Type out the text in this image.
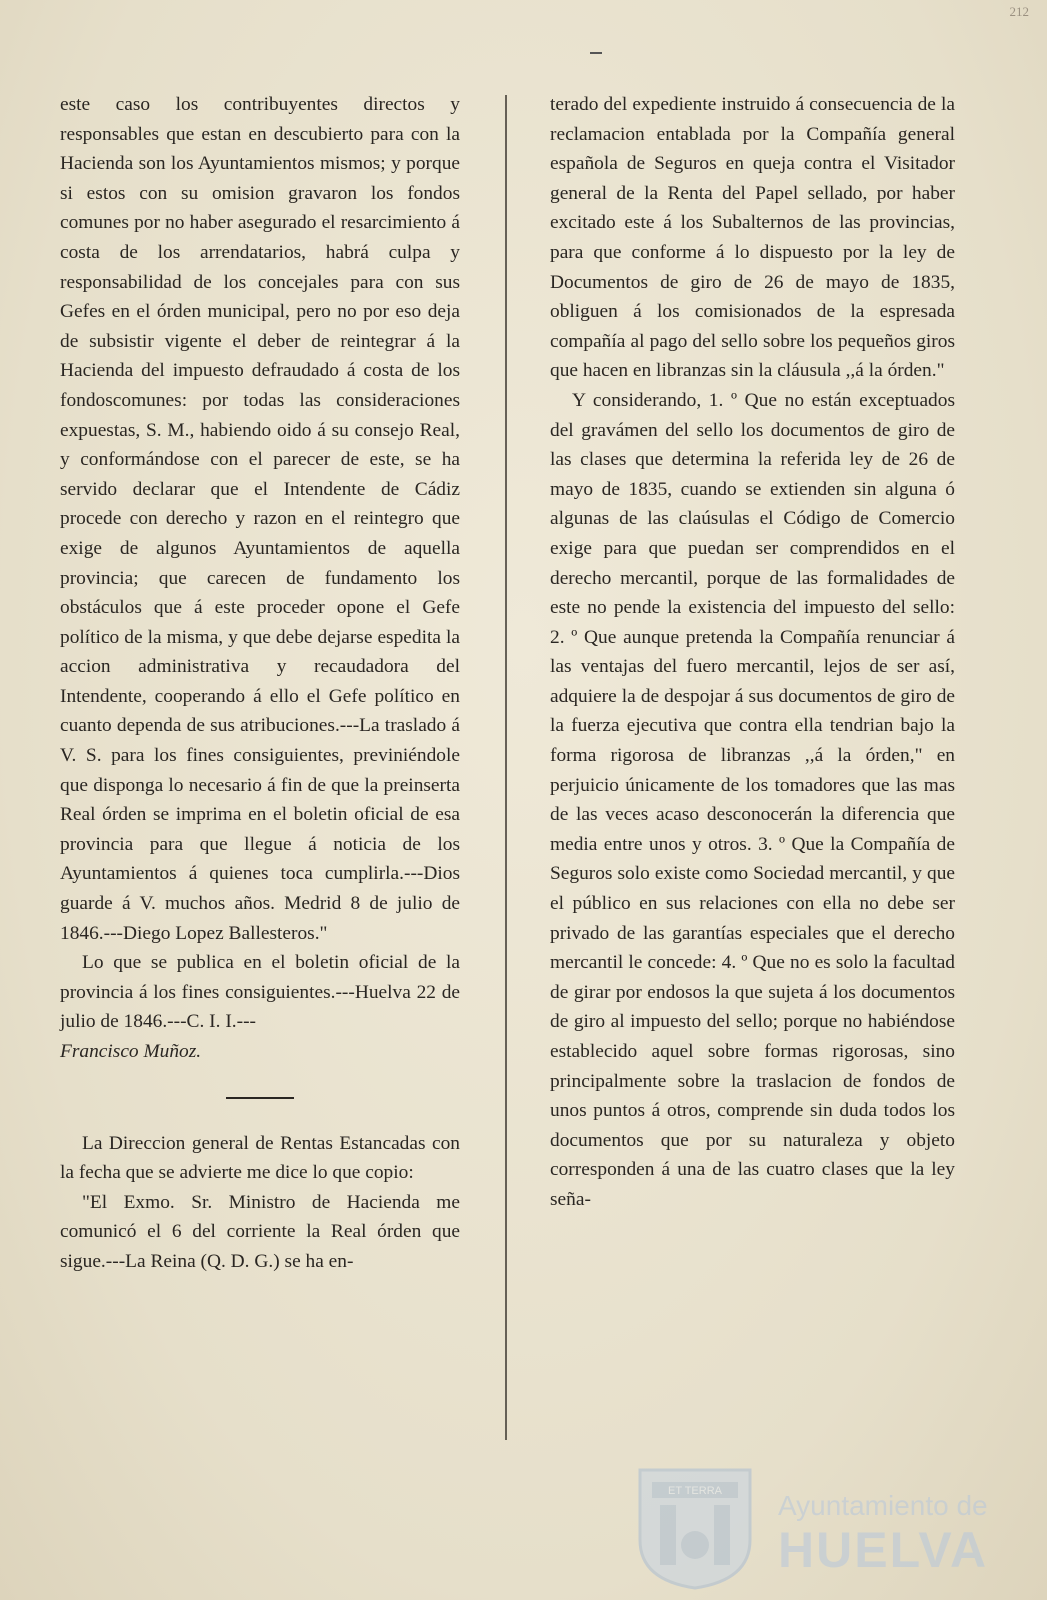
212

este caso los contribuyentes directos y responsables que estan en descubierto para con la Hacienda son los Ayuntamientos mismos; y porque si estos con su omision gravaron los fondos comunes por no haber asegurado el resarcimiento á costa de los arrendatarios, habrá culpa y responsabilidad de los concejales para con sus Gefes en el órden municipal, pero no por eso deja de subsistir vigente el deber de reintegrar á la Hacienda del impuesto defraudado á costa de los fondoscomunes: por todas las consideraciones expuestas, S. M., habiendo oido á su consejo Real, y conformándose con el parecer de este, se ha servido declarar que el Intendente de Cádiz procede con derecho y razon en el reintegro que exige de algunos Ayuntamientos de aquella provincia; que carecen de fundamento los obstáculos que á este proceder opone el Gefe político de la misma, y que debe dejarse espedita la accion administrativa y recaudadora del Intendente, cooperando á ello el Gefe político en cuanto dependa de sus atribuciones.---La traslado á V. S. para los fines consiguientes, previniéndole que disponga lo necesario á fin de que la preinserta Real órden se imprima en el boletin oficial de esa provincia para que llegue á noticia de los Ayuntamientos á quienes toca cumplirla.---Dios guarde á V. muchos años. Medrid 8 de julio de 1846.---Diego Lopez Ballesteros."

Lo que se publica en el boletin oficial de la provincia á los fines consiguientes.---Huelva 22 de julio de 1846.---C. I. I.---

Francisco Muñoz.

La Direccion general de Rentas Estancadas con la fecha que se advierte me dice lo que copio:

"El Exmo. Sr. Ministro de Hacienda me comunicó el 6 del corriente la Real órden que sigue.---La Reina (Q. D. G.) se ha en-

terado del expediente instruido á consecuencia de la reclamacion entablada por la Compañía general española de Seguros en queja contra el Visitador general de la Renta del Papel sellado, por haber excitado este á los Subalternos de las provincias, para que conforme á lo dispuesto por la ley de Documentos de giro de 26 de mayo de 1835, obliguen á los comisionados de la espresada compañía al pago del sello sobre los pequeños giros que hacen en libranzas sin la cláusula ,,á la órden."

Y considerando, 1. º Que no están exceptuados del gravámen del sello los documentos de giro de las clases que determina la referida ley de 26 de mayo de 1835, cuando se extienden sin alguna ó algunas de las claúsulas el Código de Comercio exige para que puedan ser comprendidos en el derecho mercantil, porque de las formalidades de este no pende la existencia del impuesto del sello: 2. º Que aunque pretenda la Compañía renunciar á las ventajas del fuero mercantil, lejos de ser así, adquiere la de despojar á sus documentos de giro de la fuerza ejecutiva que contra ella tendrian bajo la forma rigorosa de libranzas ,,á la órden," en perjuicio únicamente de los tomadores que las mas de las veces acaso desconocerán la diferencia que media entre unos y otros. 3. º Que la Compañía de Seguros solo existe como Sociedad mercantil, y que el público en sus relaciones con ella no debe ser privado de las garantías especiales que el derecho mercantil le concede: 4. º Que no es solo la facultad de girar por endosos la que sujeta á los documentos de giro al impuesto del sello; porque no habiéndose establecido aquel sobre formas rigorosas, sino principalmente sobre la traslacion de fondos de unos puntos á otros, comprende sin duda todos los documentos que por su naturaleza y objeto corresponden á una de las cuatro clases que la ley seña-

ET TERRA Ayuntamiento de
HUELVA
